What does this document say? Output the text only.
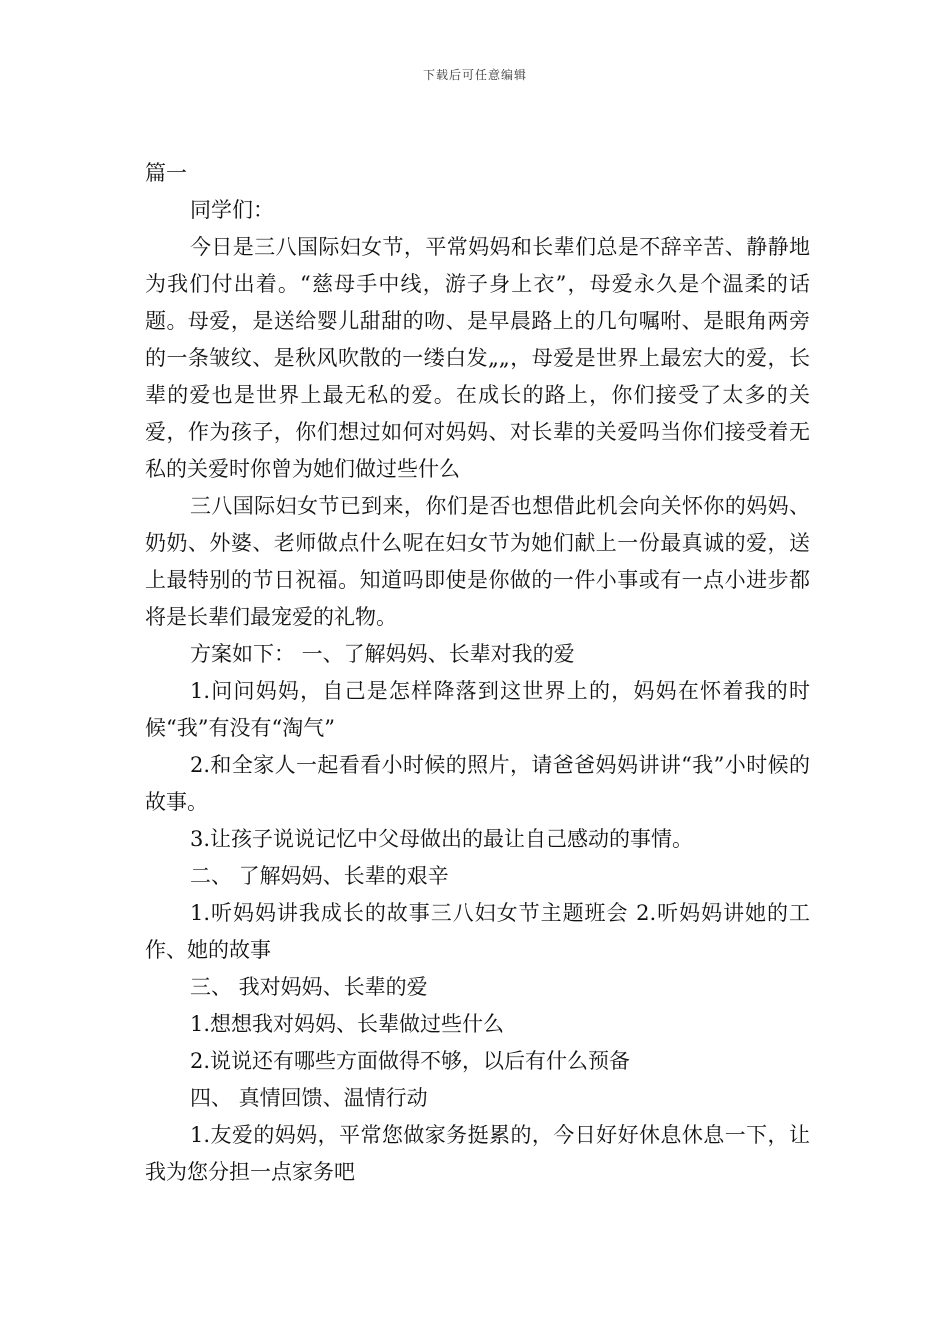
下载后可任意编辑

篇一

同学们：

今日是三八国际妇女节，平常妈妈和长辈们总是不辞辛苦、静静地为我们付出着。“慈母手中线，游子身上衣”，母爱永久是个温柔的话题。母爱，是送给婴儿甜甜的吻、是早晨路上的几句嘱咐、是眼角两旁的一条皱纹、是秋风吹散的一缕白发„„，母爱是世界上最宏大的爱，长辈的爱也是世界上最无私的爱。在成长的路上，你们接受了太多的关爱，作为孩子，你们想过如何对妈妈、对长辈的关爱吗当你们接受着无私的关爱时你曾为她们做过些什么

三八国际妇女节已到来，你们是否也想借此机会向关怀你的妈妈、奶奶、外婆、老师做点什么呢在妇女节为她们献上一份最真诚的爱，送上最特别的节日祝福。知道吗即使是你做的一件小事或有一点小进步都将是长辈们最宠爱的礼物。

方案如下： 一、了解妈妈、长辈对我的爱

1.问问妈妈，自己是怎样降落到这世界上的，妈妈在怀着我的时候“我”有没有“淘气”

2.和全家人一起看看小时候的照片，请爸爸妈妈讲讲“我”小时候的故事。

3.让孩子说说记忆中父母做出的最让自己感动的事情。

二、 了解妈妈、长辈的艰辛

1.听妈妈讲我成长的故事三八妇女节主题班会 2.听妈妈讲她的工作、她的故事

三、 我对妈妈、长辈的爱

1.想想我对妈妈、长辈做过些什么

2.说说还有哪些方面做得不够，以后有什么预备

四、 真情回馈、温情行动

1.友爱的妈妈，平常您做家务挺累的，今日好好休息休息一下，让我为您分担一点家务吧
